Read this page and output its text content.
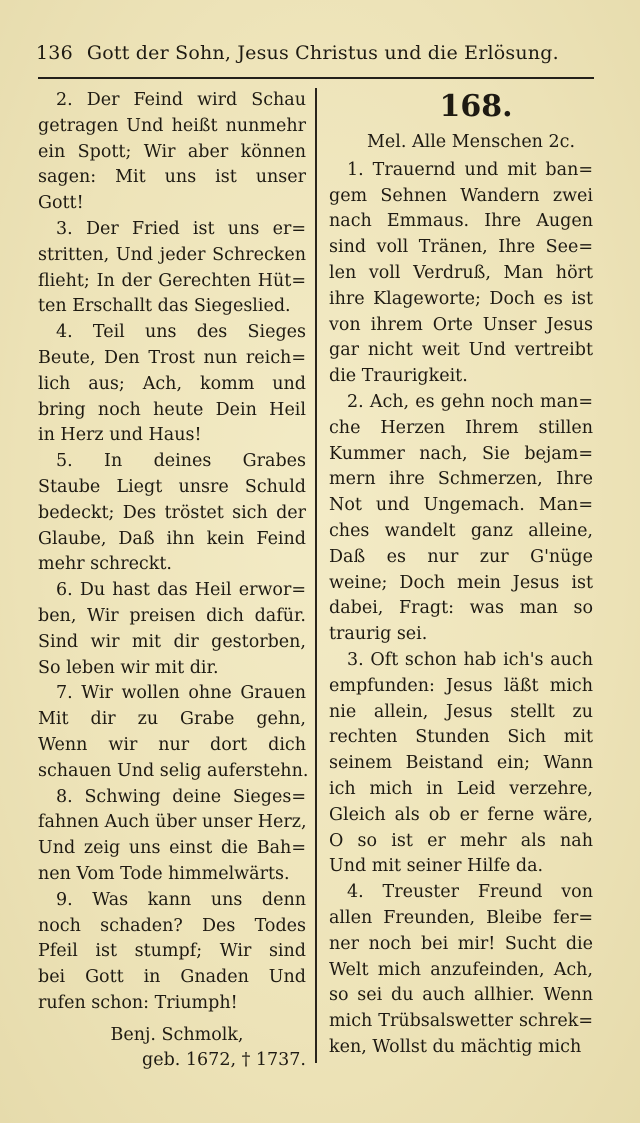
136 Gott der Sohn, Jesus Christus und die Erlösung.
2. Der Feind wird Schau
getragen Und heißt nunmehr
ein Spott; Wir aber können
sagen: Mit uns ist unser
Gott!
3. Der Fried ist uns er=
stritten, Und jeder Schrecken
flieht; In der Gerechten Hüt=
ten Erschallt das Siegeslied.
4. Teil uns des Sieges
Beute, Den Trost nun reich=
lich aus; Ach, komm und
bring noch heute Dein Heil
in Herz und Haus!
5. In deines Grabes
Staube Liegt unsre Schuld
bedeckt; Des tröstet sich der
Glaube, Daß ihn kein Feind
mehr schreckt.
6. Du hast das Heil erwor=
ben, Wir preisen dich dafür.
Sind wir mit dir gestorben,
So leben wir mit dir.
7. Wir wollen ohne Grauen
Mit dir zu Grabe gehn,
Wenn wir nur dort dich
schauen Und selig auferstehn.
8. Schwing deine Sieges=
fahnen Auch über unser Herz,
Und zeig uns einst die Bah=
nen Vom Tode himmelwärts.
9. Was kann uns denn
noch schaden? Des Todes
Pfeil ist stumpf; Wir sind
bei Gott in Gnaden Und
rufen schon: Triumph!
Benj. Schmolk,
geb. 1672, † 1737.
168.
Mel. Alle Menschen 2c.
1. Trauernd und mit ban=
gem Sehnen Wandern zwei
nach Emmaus. Ihre Augen
sind voll Tränen, Ihre See=
len voll Verdruß, Man hört
ihre Klageworte; Doch es ist
von ihrem Orte Unser Jesus
gar nicht weit Und vertreibt
die Traurigkeit.
2. Ach, es gehn noch man=
che Herzen Ihrem stillen
Kummer nach, Sie bejam=
mern ihre Schmerzen, Ihre
Not und Ungemach. Man=
ches wandelt ganz alleine,
Daß es nur zur G'nüge
weine; Doch mein Jesus ist
dabei, Fragt: was man so
traurig sei.
3. Oft schon hab ich's auch
empfunden: Jesus läßt mich
nie allein, Jesus stellt zu
rechten Stunden Sich mit
seinem Beistand ein; Wann
ich mich in Leid verzehre,
Gleich als ob er ferne wäre,
O so ist er mehr als nah
Und mit seiner Hilfe da.
4. Treuster Freund von
allen Freunden, Bleibe fer=
ner noch bei mir! Sucht die
Welt mich anzufeinden, Ach,
so sei du auch allhier. Wenn
mich Trübsalswetter schrek=
ken, Wollst du mächtig mich
